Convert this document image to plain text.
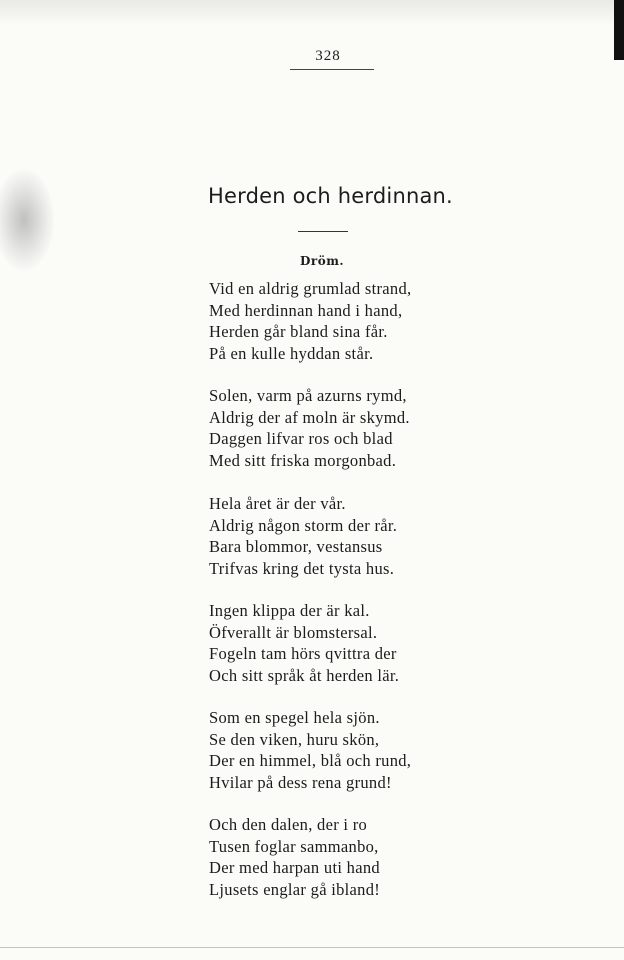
328
Herden och herdinnan.
Dröm.
Vid en aldrig grumlad strand,
Med herdinnan hand i hand,
Herden går bland sina får.
På en kulle hyddan står.
Solen, varm på azurns rymd,
Aldrig der af moln är skymd.
Daggen lifvar ros och blad
Med sitt friska morgonbad.
Hela året är der vår.
Aldrig någon storm der rår.
Bara blommor, vestansus
Trifvas kring det tysta hus.
Ingen klippa der är kal.
Öfverallt är blomstersal.
Fogeln tam hörs qvittra der
Och sitt språk åt herden lär.
Som en spegel hela sjön.
Se den viken, huru skön,
Der en himmel, blå och rund,
Hvilar på dess rena grund!
Och den dalen, der i ro
Tusen foglar sammanbo,
Der med harpan uti hand
Ljusets englar gå ibland!
